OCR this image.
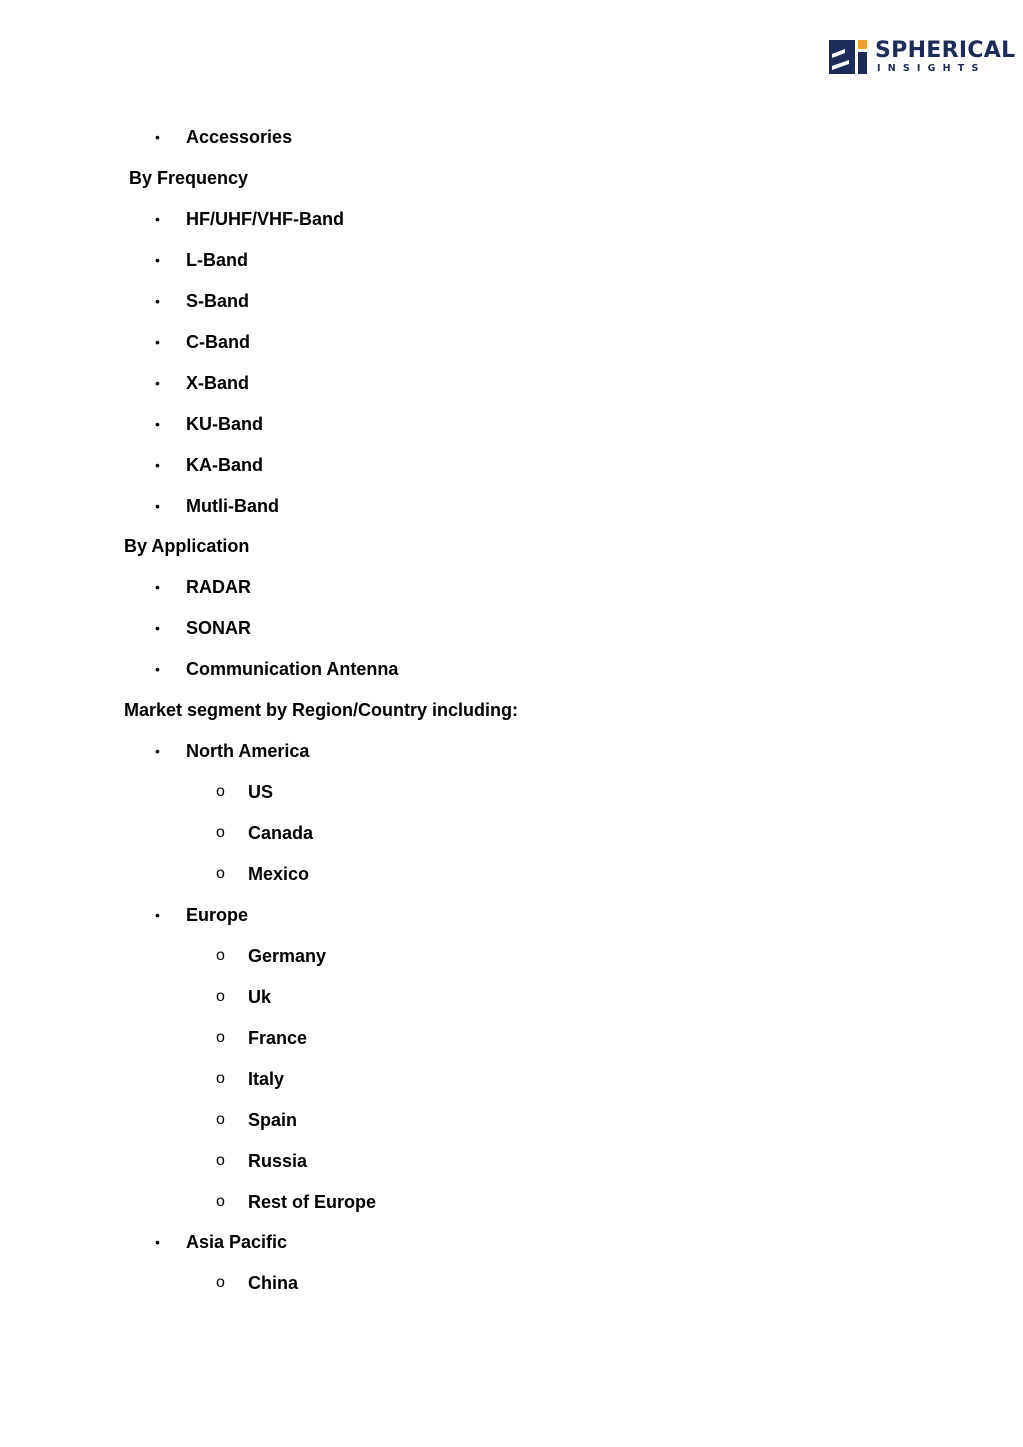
SPHERICAL
INSIGHTS
• Accessories
By Frequency
• HF/UHF/VHF-Band
• L-Band
• S-Band
• C-Band
• X-Band
• KU-Band
• KA-Band
• Mutli-Band
By Application
• RADAR
• SONAR
• Communication Antenna
Market segment by Region/Country including:
• North America
o US
o Canada
o Mexico
• Europe
o Germany
o Uk
o France
o Italy
o Spain
o Russia
o Rest of Europe
• Asia Pacific
o China
